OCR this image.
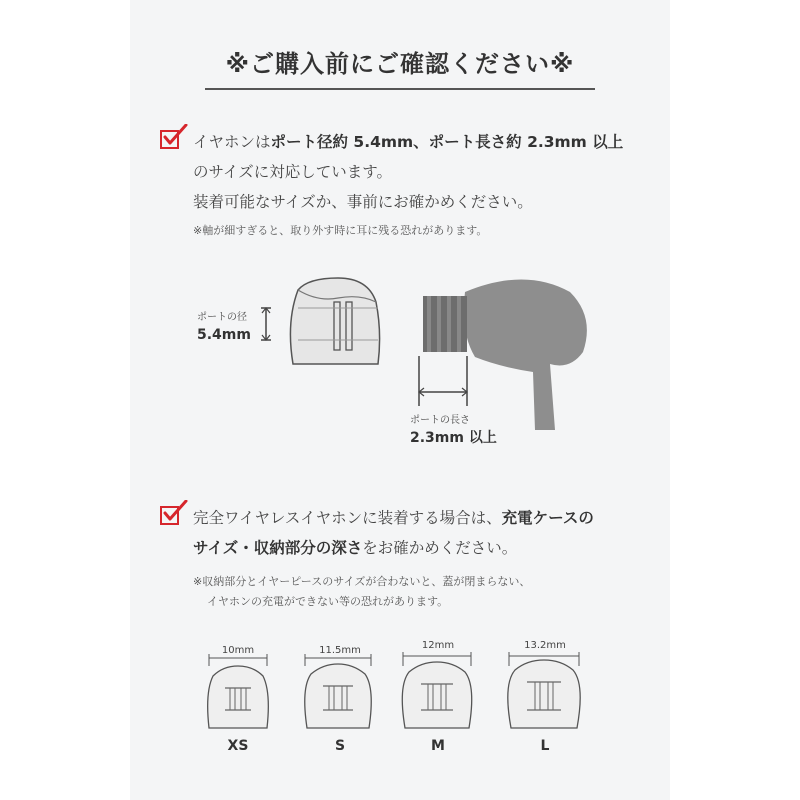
※ご購入前にご確認ください※
イヤホンはポート径約 5.4mm、ポート長さ約 2.3mm 以上
のサイズに対応しています。
装着可能なサイズか、事前にお確かめください。
※軸が細すぎると、取り外す時に耳に残る恐れがあります。
ポートの径
5.4mm
ポートの長さ
2.3mm 以上
完全ワイヤレスイヤホンに装着する場合は、充電ケースの
サイズ・収納部分の深さをお確かめください。
※収納部分とイヤーピースのサイズが合わないと、蓋が閉まらない、
イヤホンの充電ができない等の恐れがあります。
10mm	11.5mm	12mm	13.2mm
XS	S	M	L
